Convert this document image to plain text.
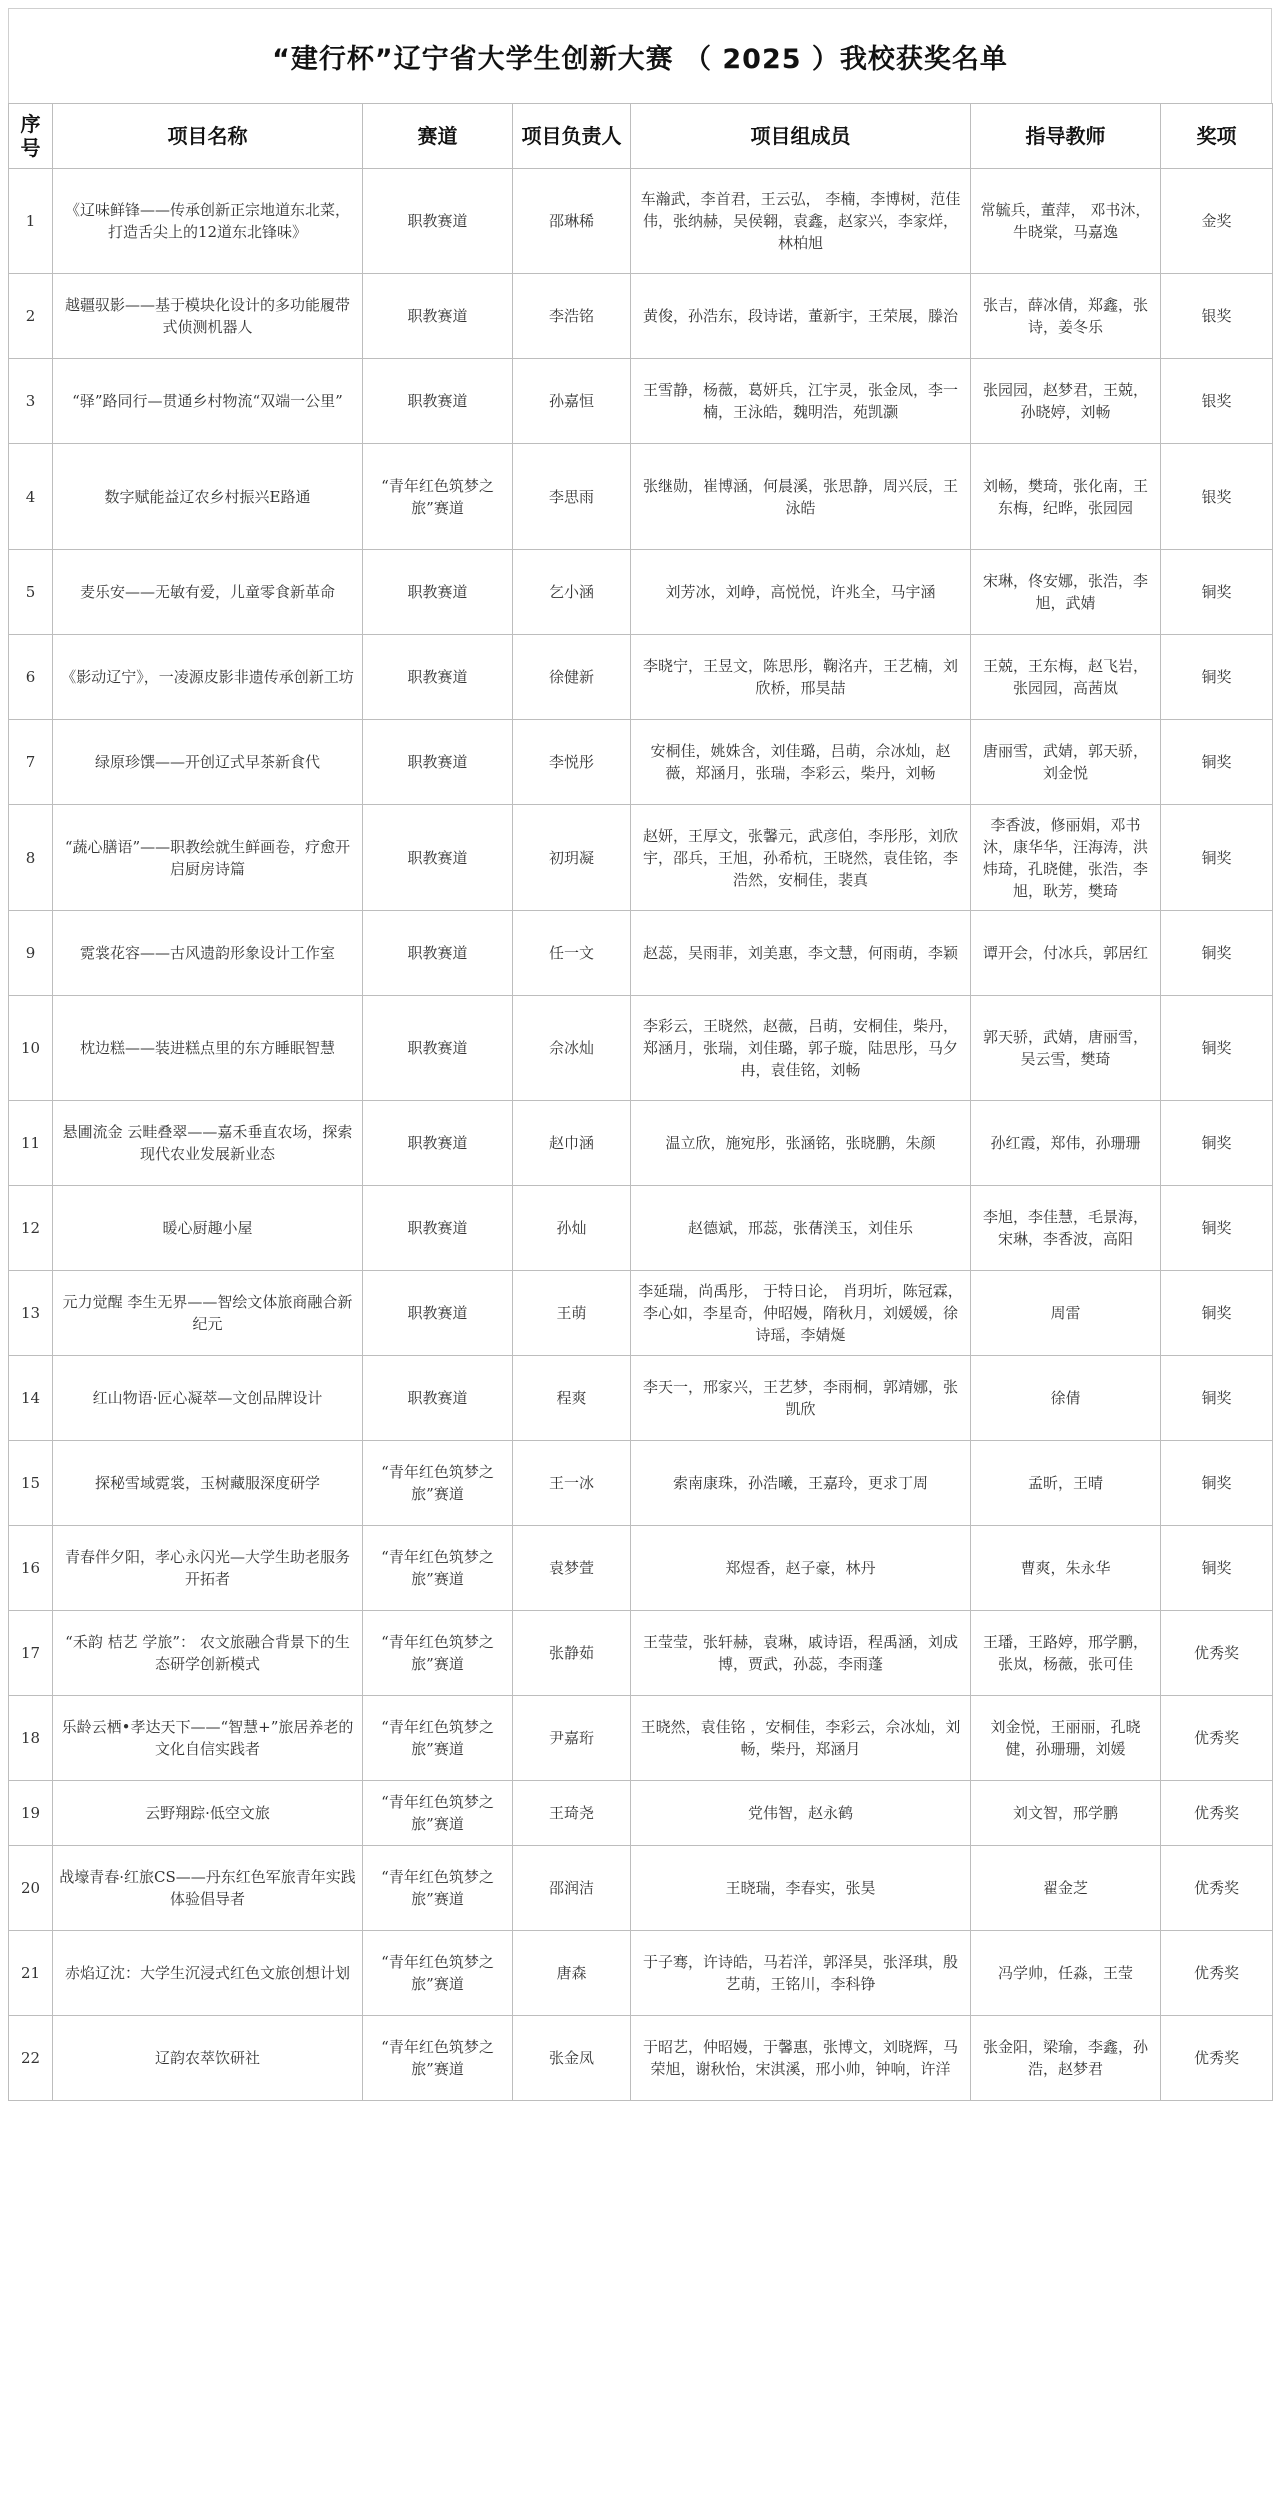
“建行杯”辽宁省大学生创新大赛 （ 2025 ）我校获奖名单
序号	项目名称	赛道	项目负责人	项目组成员	指导教师	奖项
1	《辽味鲜锋——传承创新正宗地道东北菜，打造舌尖上的12道东北锋味》	职教赛道	邵琳稀	车瀚武，李首君，王云弘， 李楠，李博树，范佳伟，张纳赫，吴侯翱，袁鑫，赵家兴，李家烊，林柏旭	常毓兵，董萍， 邓书沐，牛晓棠，马嘉逸	金奖
2	越疆驭影——基于模块化设计的多功能履带式侦测机器人	职教赛道	李浩铭	黄俊，孙浩东，段诗诺，董新宇，王荣展，滕治	张吉，薛冰倩，郑鑫，张诗，姜冬乐	银奖
3	“驿”路同行—贯通乡村物流“双端一公里”	职教赛道	孙嘉恒	王雪静，杨薇，葛妍兵，江宇灵，张金凤，李一楠，王泳皓，魏明浩，苑凯灏	张园园，赵梦君，王兢，孙晓婷，刘畅	银奖
4	数字赋能益辽农乡村振兴E路通	“青年红色筑梦之旅”赛道	李思雨	张继勋，崔博涵，何晨溪，张思静，周兴辰，王泳皓	刘畅，樊琦，张化南，王东梅，纪晔，张园园	银奖
5	麦乐安——无敏有爱，儿童零食新革命	职教赛道	乞小涵	刘芳冰，刘峥，高悦悦，许兆全，马宇涵	宋琳，佟安娜，张浩，李旭，武婧	铜奖
6	《影动辽宁》，一凌源皮影非遗传承创新工坊	职教赛道	徐健新	李晓宁，王昱文，陈思彤，鞠洺卉，王艺楠，刘欣桥，邢昊喆	王兢，王东梅，赵飞岩，张园园，高茜岚	铜奖
7	绿原珍馔——开创辽式早茶新食代	职教赛道	李悦彤	安桐佳，姚姝含，刘佳璐，吕萌，佘冰灿，赵薇，郑涵月，张瑞，李彩云，柴丹，刘畅	唐丽雪，武婧，郭天骄，刘金悦	铜奖
8	“蔬心膳语”——职教绘就生鲜画卷，疗愈开启厨房诗篇	职教赛道	初玥凝	赵妍，王厚文，张馨元，武彦伯，李彤彤，刘欣宇，邵兵，王旭，孙希杭，王晓然，袁佳铭，李浩然，安桐佳，裴真	李香波，修丽娟，邓书沐，康华华，汪海涛，洪炜琦，孔晓健，张浩，李旭，耿芳，樊琦	铜奖
9	霓裳花容——古风遗韵形象设计工作室	职教赛道	任一文	赵蕊，吴雨菲，刘美惠，李文慧，何雨萌，李颖	谭开会，付冰兵，郭居红	铜奖
10	枕边糕——装进糕点里的东方睡眠智慧	职教赛道	佘冰灿	李彩云，王晓然，赵薇，吕萌，安桐佳，柴丹，郑涵月，张瑞，刘佳璐，郭子璇，陆思彤，马夕冉，袁佳铭，刘畅	郭天骄，武婧，唐丽雪，吴云雪，樊琦	铜奖
11	悬圃流金 云畦叠翠——嘉禾垂直农场，探索现代农业发展新业态	职教赛道	赵巾涵	温立欣，施宛彤，张涵铭，张晓鹏，朱颜	孙红霞，郑伟，孙珊珊	铜奖
12	暖心厨趣小屋	职教赛道	孙灿	赵德斌，邢蕊，张蒨渼玉，刘佳乐	李旭，李佳慧，毛景海，宋琳，李香波，高阳	铜奖
13	元力觉醒 李生无界——智绘文体旅商融合新纪元	职教赛道	王萌	李延瑞，尚禹彤， 于特日论， 肖玥圻，陈冠霖，李心如，李星奇，仲昭嫚，隋秋月，刘媛媛，徐诗瑶，李婧烻	周雷	铜奖
14	红山物语·匠心凝萃—文创品牌设计	职教赛道	程爽	李天一，邢家兴，王艺梦，李雨桐，郭靖娜，张凯欣	徐倩	铜奖
15	探秘雪域霓裳，玉树藏服深度研学	“青年红色筑梦之旅”赛道	王一冰	索南康珠，孙浩曦，王嘉玲，更求丁周	孟昕，王晴	铜奖
16	青春伴夕阳，孝心永闪光—大学生助老服务开拓者	“青年红色筑梦之旅”赛道	袁梦萱	郑煜香，赵子豪，林丹	曹爽，朱永华	铜奖
17	“禾韵 桔艺 学旅”： 农文旅融合背景下的生态研学创新模式	“青年红色筑梦之旅”赛道	张静茹	王莹莹，张轩赫，袁琳，戚诗语，程禹涵，刘成博，贾武，孙蕊，李雨蓬	王璠，王路婷，邢学鹏，张岚，杨薇，张可佳	优秀奖
18	乐龄云栖•孝达天下——“智慧+”旅居养老的文化自信实践者	“青年红色筑梦之旅”赛道	尹嘉珩	王晓然，袁佳铭 ，安桐佳，李彩云，佘冰灿，刘畅，柴丹，郑涵月	刘金悦，王丽丽，孔晓健，孙珊珊，刘媛	优秀奖
19	云野翔踪·低空文旅	“青年红色筑梦之旅”赛道	王琦尧	党伟智，赵永鹤	刘文智，邢学鹏	优秀奖
20	战壕青春·红旅CS——丹东红色军旅青年实践体验倡导者	“青年红色筑梦之旅”赛道	邵润洁	王晓瑞，李春实，张昊	翟金芝	优秀奖
21	赤焰辽沈：大学生沉浸式红色文旅创想计划	“青年红色筑梦之旅”赛道	唐森	于子骞，许诗皓，马若洋，郭泽昊，张泽琪，殷艺萌，王铭川，李科铮	冯学帅，任淼，王莹	优秀奖
22	辽韵农萃饮研社	“青年红色筑梦之旅”赛道	张金凤	于昭艺，仲昭嫚，于馨惠，张博文，刘晓辉，马荣旭，谢秋怡，宋淇溪，邢小帅，钟响，许洋	张金阳，梁瑜，李鑫，孙浩，赵梦君	优秀奖
